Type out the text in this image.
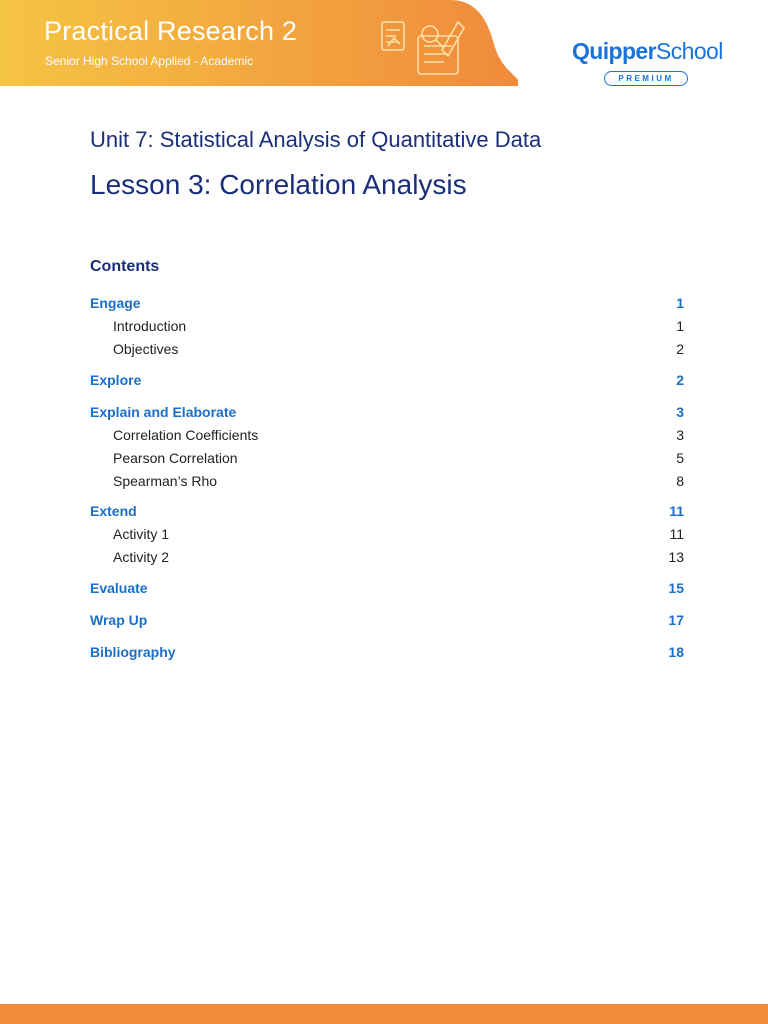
Practical Research 2
Senior High School Applied - Academic	QuipperSchool
PREMIUM
Unit 7: Statistical Analysis of Quantitative Data
Lesson 3: Correlation Analysis
Contents
Engage	1
Introduction	1
Objectives	2
Explore	2
Explain and Elaborate	3
Correlation Coefficients	3
Pearson Correlation	5
Spearman’s Rho	8
Extend	11
Activity 1	11
Activity 2	13
Evaluate	15
Wrap Up	17
Bibliography	18
